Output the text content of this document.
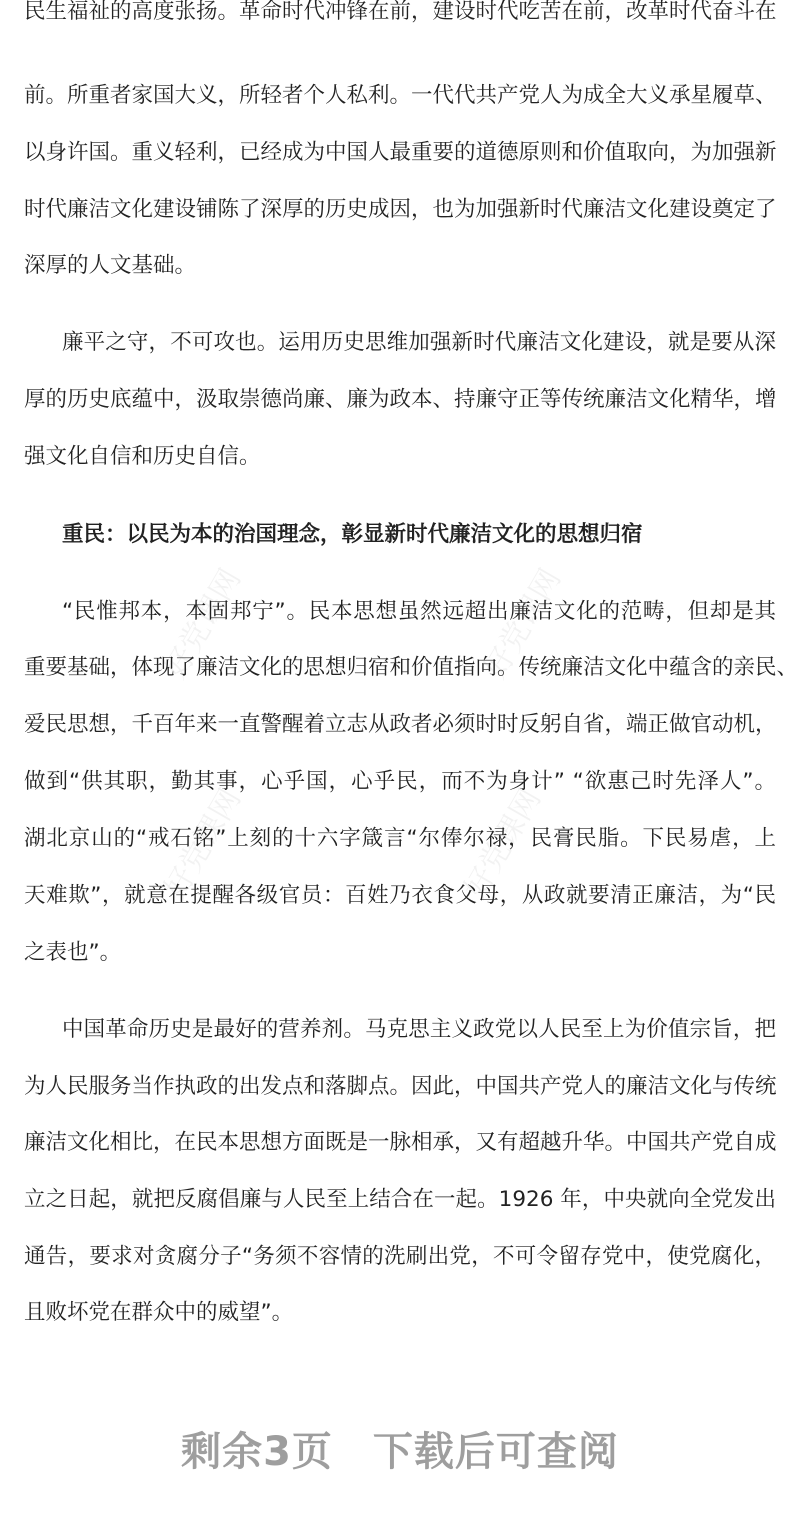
好党课网	好党课网
好党课网	好党课网
民生福祉的高度张扬。革命时代冲锋在前，建设时代吃苦在前，改革时代奋斗在
前。所重者家国大义，所轻者个人私利。一代代共产党人为成全大义承星履草、
以身许国。重义轻利，已经成为中国人最重要的道德原则和价值取向，为加强新
时代廉洁文化建设铺陈了深厚的历史成因，也为加强新时代廉洁文化建设奠定了
深厚的人文基础。
廉平之守，不可攻也。运用历史思维加强新时代廉洁文化建设，就是要从深
厚的历史底蕴中，汲取崇德尚廉、廉为政本、持廉守正等传统廉洁文化精华，增
强文化自信和历史自信。
重民：以民为本的治国理念，彰显新时代廉洁文化的思想归宿
“民惟邦本，本固邦宁”。民本思想虽然远超出廉洁文化的范畴，但却是其
重要基础，体现了廉洁文化的思想归宿和价值指向。传统廉洁文化中蕴含的亲民、
爱民思想，千百年来一直警醒着立志从政者必须时时反躬自省，端正做官动机，
做到“供其职，勤其事，心乎国，心乎民，而不为身计” “欲惠己时先泽人”。
湖北京山的“戒石铭”上刻的十六字箴言“尔俸尔禄，民膏民脂。下民易虐，上
天难欺”，就意在提醒各级官员：百姓乃衣食父母，从政就要清正廉洁，为“民
之表也”。
中国革命历史是最好的营养剂。马克思主义政党以人民至上为价值宗旨，把
为人民服务当作执政的出发点和落脚点。因此，中国共产党人的廉洁文化与传统
廉洁文化相比，在民本思想方面既是一脉相承，又有超越升华。中国共产党自成
立之日起，就把反腐倡廉与人民至上结合在一起。1926 年，中央就向全党发出
通告，要求对贪腐分子“务须不容情的洗刷出党，不可令留存党中，使党腐化，
且败坏党在群众中的威望”。
剩余3页 下载后可查阅
